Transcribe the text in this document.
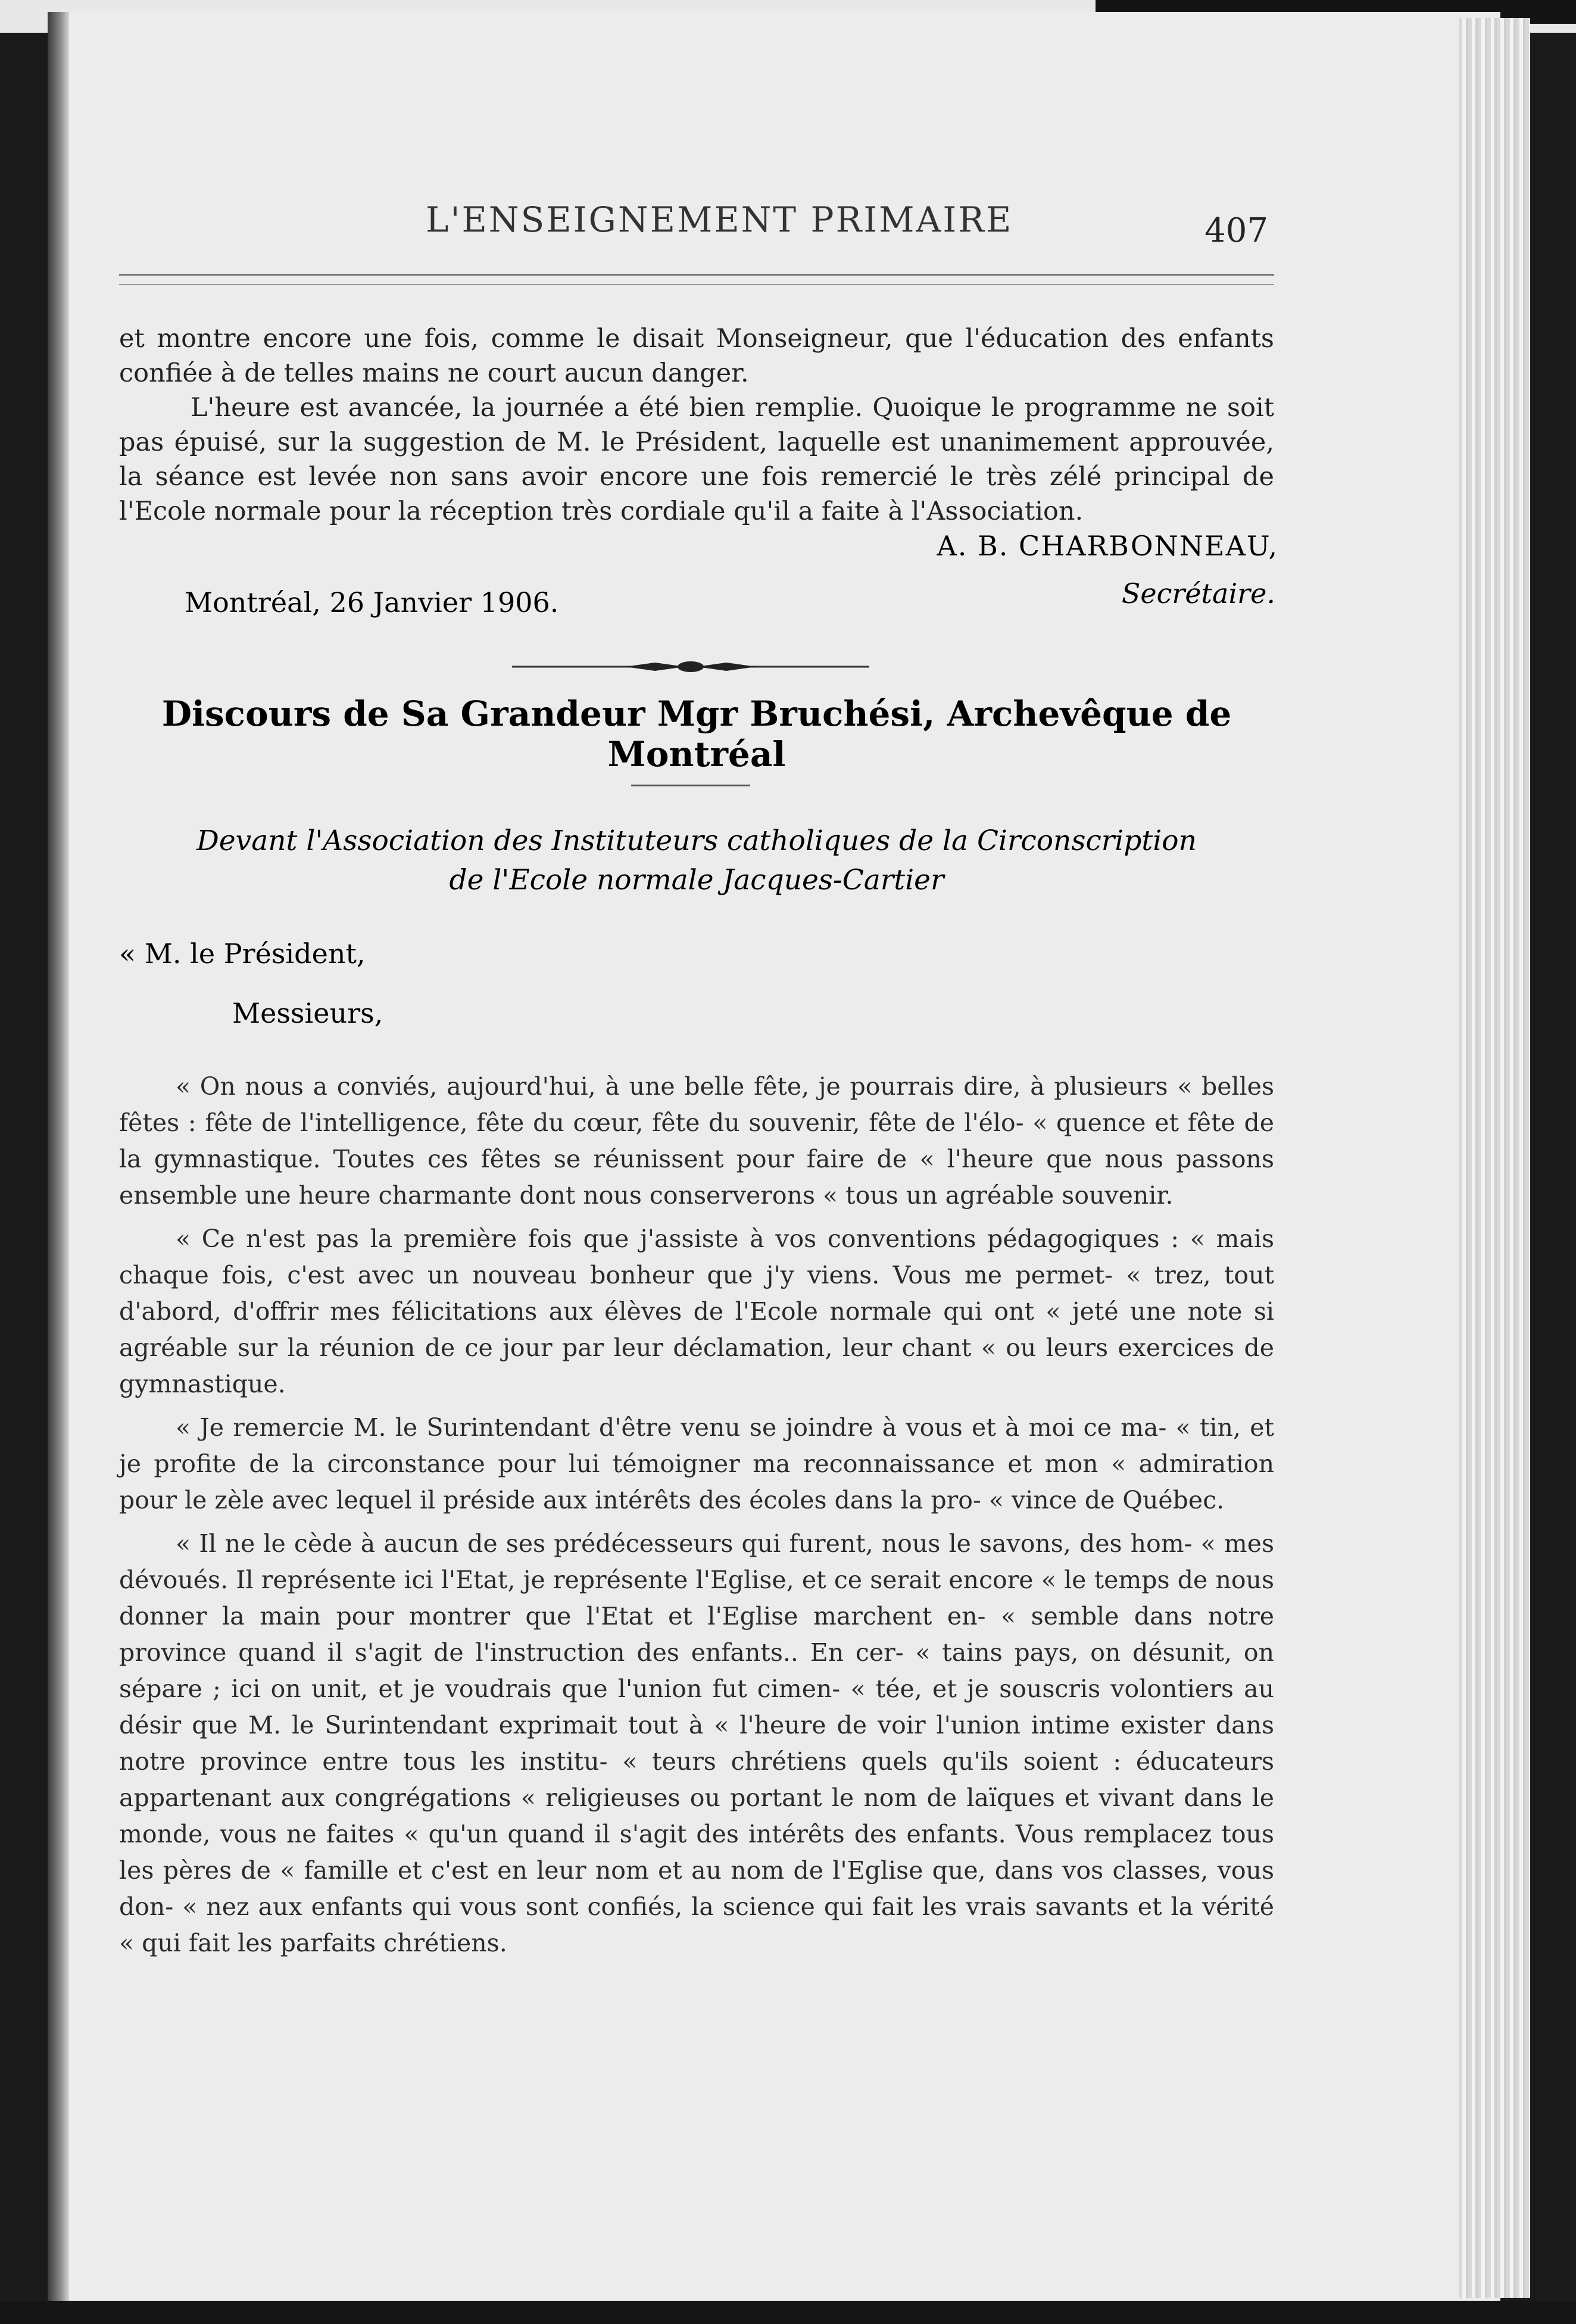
L'ENSEIGNEMENT PRIMAIRE	407

et montre encore une fois, comme le disait Monseigneur, que l'éducation des enfants confiée à de telles mains ne court aucun danger.

L'heure est avancée, la journée a été bien remplie. Quoique le programme ne soit pas épuisé, sur la suggestion de M. le Président, laquelle est unanimement approuvée, la séance est levée non sans avoir encore une fois remercié le très zélé principal de l'Ecole normale pour la réception très cordiale qu'il a faite à l'Association.

A. B. CHARBONNEAU,
Montréal, 26 Janvier 1906.	Secrétaire.
Discours de Sa Grandeur Mgr Bruchési, Archevêque de Montréal
Devant l'Association des Instituteurs catholiques de la Circonscription
de l'Ecole normale Jacques-Cartier
« M. le Président,
Messieurs,

« On nous a conviés, aujourd'hui, à une belle fête, je pourrais dire, à plusieurs « belles fêtes : fête de l'intelligence, fête du cœur, fête du souvenir, fête de l'élo- « quence et fête de la gymnastique. Toutes ces fêtes se réunissent pour faire de « l'heure que nous passons ensemble une heure charmante dont nous conserverons « tous un agréable souvenir.

« Ce n'est pas la première fois que j'assiste à vos conventions pédagogiques : « mais chaque fois, c'est avec un nouveau bonheur que j'y viens. Vous me permet- « trez, tout d'abord, d'offrir mes félicitations aux élèves de l'Ecole normale qui ont « jeté une note si agréable sur la réunion de ce jour par leur déclamation, leur chant « ou leurs exercices de gymnastique.

« Je remercie M. le Surintendant d'être venu se joindre à vous et à moi ce ma- « tin, et je profite de la circonstance pour lui témoigner ma reconnaissance et mon « admiration pour le zèle avec lequel il préside aux intérêts des écoles dans la pro- « vince de Québec.

« Il ne le cède à aucun de ses prédécesseurs qui furent, nous le savons, des hom- « mes dévoués. Il représente ici l'Etat, je représente l'Eglise, et ce serait encore « le temps de nous donner la main pour montrer que l'Etat et l'Eglise marchent en- « semble dans notre province quand il s'agit de l'instruction des enfants.. En cer- « tains pays, on désunit, on sépare ; ici on unit, et je voudrais que l'union fut cimen- « tée, et je souscris volontiers au désir que M. le Surintendant exprimait tout à « l'heure de voir l'union intime exister dans notre province entre tous les institu- « teurs chrétiens quels qu'ils soient : éducateurs appartenant aux congrégations « religieuses ou portant le nom de laïques et vivant dans le monde, vous ne faites « qu'un quand il s'agit des intérêts des enfants. Vous remplacez tous les pères de « famille et c'est en leur nom et au nom de l'Eglise que, dans vos classes, vous don- « nez aux enfants qui vous sont confiés, la science qui fait les vrais savants et la vérité « qui fait les parfaits chrétiens.
